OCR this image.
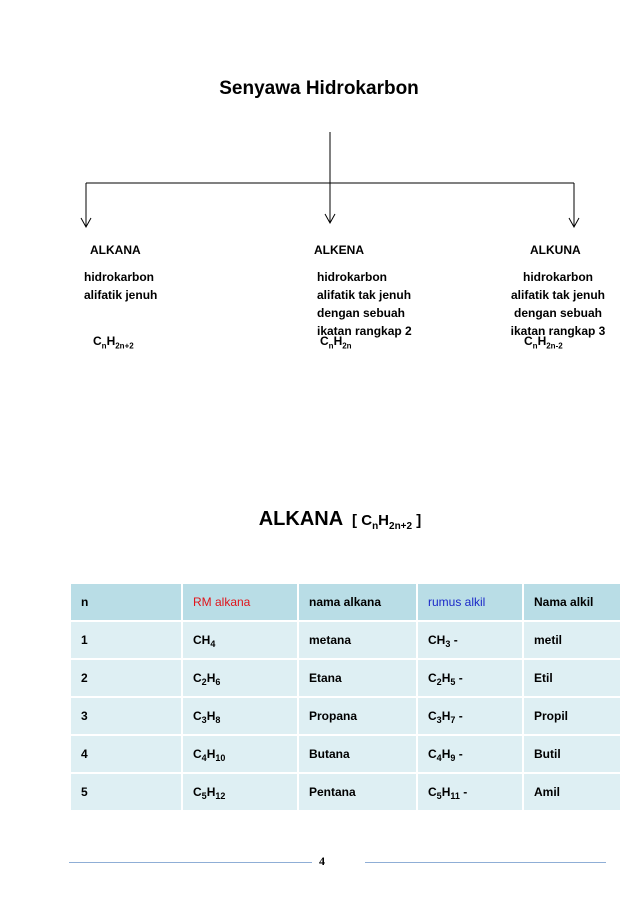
Senyawa Hidrokarbon
ALKANA	ALKENA	ALKUNA
hidrokarbon
alifatik jenuh
hidrokarbon
alifatik tak jenuh
dengan sebuah
ikatan rangkap 2
hidrokarbon
alifatik tak jenuh
dengan sebuah
ikatan rangkap 3
$C_nH_{2n+2}$	$C_nH_{2n}$	$C_nH_{2n-2}$
ALKANA [ $C_nH_{2n+2}$ ]
n	RM alkana	nama alkana	rumus alkil	Nama alkil
1	$CH_4$	metana	$CH_3$ -	metil
2	$C_2H_6$	Etana	$C_2H_5$ -	Etil
3	$C_3H_8$	Propana	$C_3H_7$ -	Propil
4	$C_4H_{10}$	Butana	$C_4H_9$ -	Butil
5	$C_5H_{12}$	Pentana	$C_5H_{11}$ -	Amil
4
